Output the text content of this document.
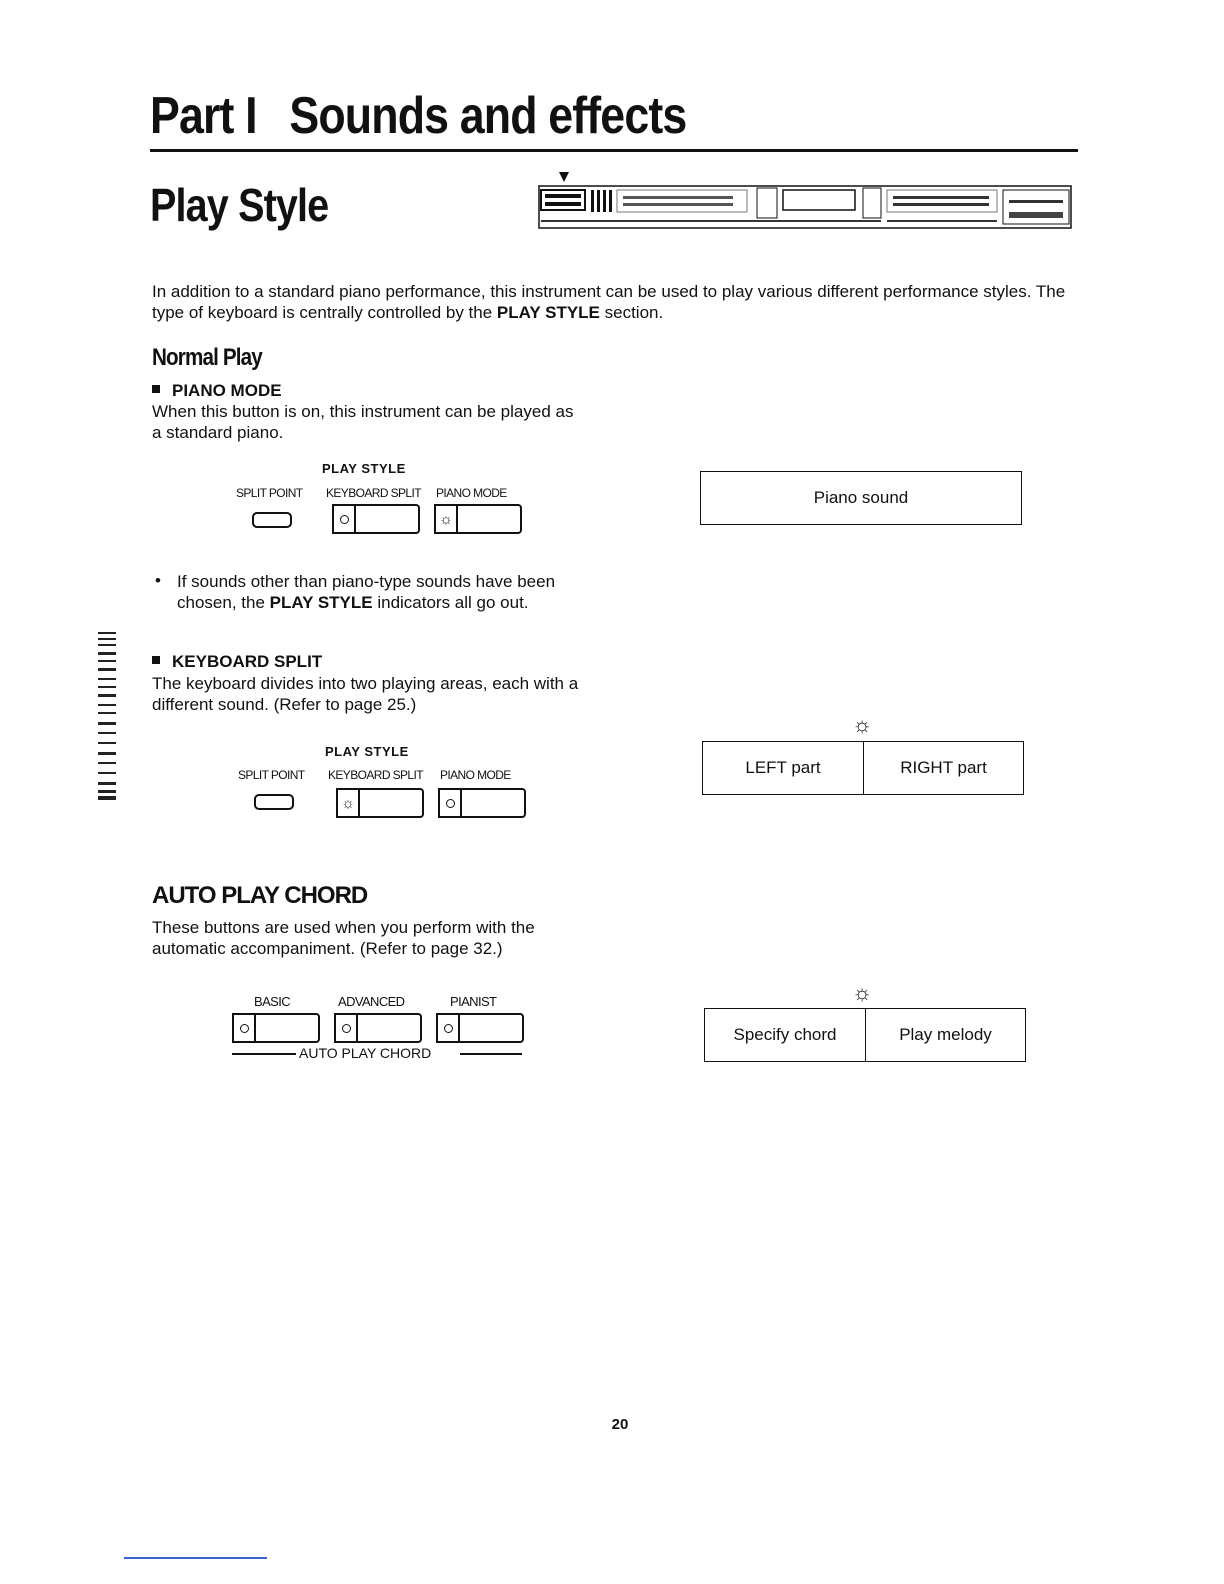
Part I Sounds and effects
Play Style
In addition to a standard piano performance, this instrument can be used to play various different performance styles. The type of keyboard is centrally controlled by the PLAY STYLE section.
Normal Play
PIANO MODE
When this button is on, this instrument can be played as a standard piano.
PLAY STYLE
SPLIT POINT KEYBOARD SPLIT PIANO MODE
☼
Piano sound
• If sounds other than piano-type sounds have been chosen, the PLAY STYLE indicators all go out.
KEYBOARD SPLIT
The keyboard divides into two playing areas, each with a different sound. (Refer to page 25.)
PLAY STYLE
SPLIT POINT KEYBOARD SPLIT PIANO MODE
☼
☼
LEFT part	RIGHT part
AUTO PLAY CHORD
These buttons are used when you perform with the automatic accompaniment. (Refer to page 32.)
BASIC	ADVANCED	PIANIST
AUTO PLAY CHORD
☼
Specify chord	Play melody
20
